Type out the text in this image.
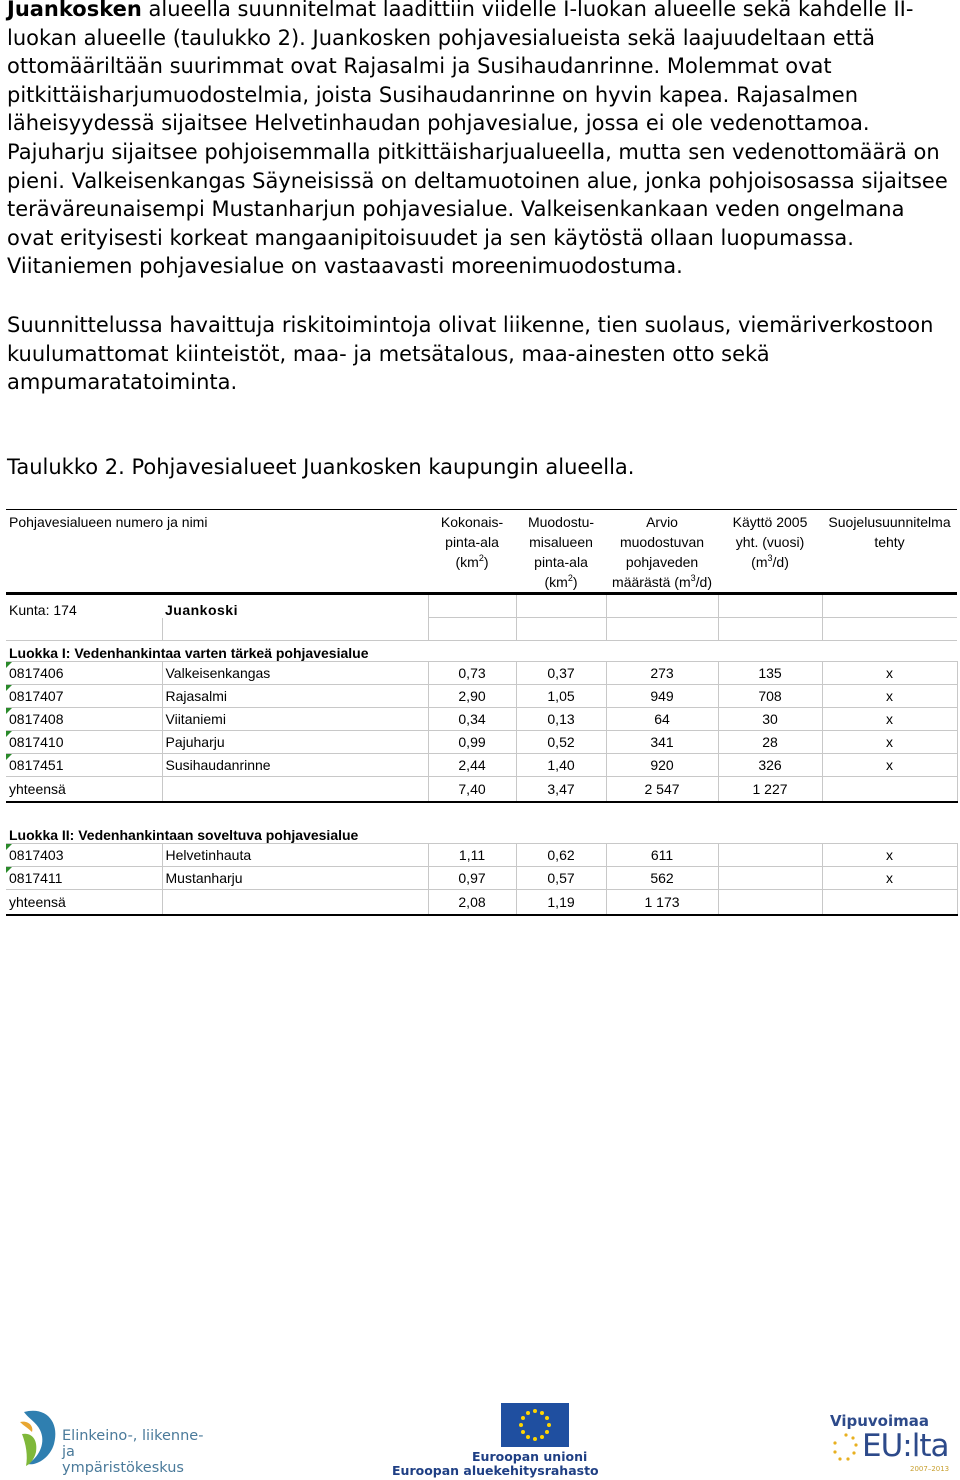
Juankosken alueella suunnitelmat laadittiin viidelle I-luokan alueelle sekä kahdelle II-luokan alueelle (taulukko 2). Juankosken pohjavesialueista sekä laajuudeltaan että ottomääriltään suurimmat ovat Rajasalmi ja Susihaudanrinne. Molemmat ovat pitkittäisharjumuodostelmia, joista Susihaudanrinne on hyvin kapea. Rajasalmen läheisyydessä sijaitsee Helvetinhaudan pohjavesialue, jossa ei ole vedenottamoa. Pajuharju sijaitsee pohjoisemmalla pitkittäisharjualueella, mutta sen vedenottomäärä on pieni. Valkeisenkangas Säyneisissä on deltamuotoinen alue, jonka pohjoisosassa sijaitsee teräväreunaisempi Mustanharjun pohjavesialue. Valkeisenkankaan veden ongelmana ovat erityisesti korkeat mangaanipitoisuudet ja sen käytöstä ollaan luopumassa. Viitaniemen pohjavesialue on vastaavasti moreenimuodostuma.
Suunnittelussa havaittuja riskitoimintoja olivat liikenne, tien suolaus, viemäriverkostoon kuulumattomat kiinteistöt, maa- ja metsätalous, maa-ainesten otto sekä ampumaratatoiminta.
Taulukko 2. Pohjavesialueet Juankosken kaupungin alueella.
Pohjavesialueen numero ja nimi		Kokonais-
pinta-ala
$(km^2)$	Muodostu-
misalueen
pinta-ala
$(km^2)$	Arvio
muodostuvan
pohjaveden
määrästä $(m^3/d)$	Käyttö 2005
yht. (vuosi)
$(m^3/d)$	Suojelusuunnitelma
tehty
Kunta: 174	Juankoski					

Luokka I: Vedenhankintaa varten tärkeä pohjavesialue						

0817406	Valkeisenkangas	0,73	0,37	273	135	x

0817407	Rajasalmi	2,90	1,05	949	708	x

0817408	Viitaniemi	0,34	0,13	64	30	x

0817410	Pajuharju	0,99	0,52	341	28	x

0817451	Susihaudanrinne	2,44	1,40	920	326	x
yhteensä		7,40	3,47	2 547	1 227	

Luokka II: Vedenhankintaan soveltuva pohjavesialue						

0817403	Helvetinhauta	1,11	0,62	611		x

0817411	Mustanharju	0,97	0,57	562		x
yhteensä		2,08	1,19	1 173		
Elinkeino-, liikenne- ja
ympäristökeskus
Euroopan unioni
Euroopan aluekehitysrahasto
Vipuvoimaa
EU:lta
2007–2013
